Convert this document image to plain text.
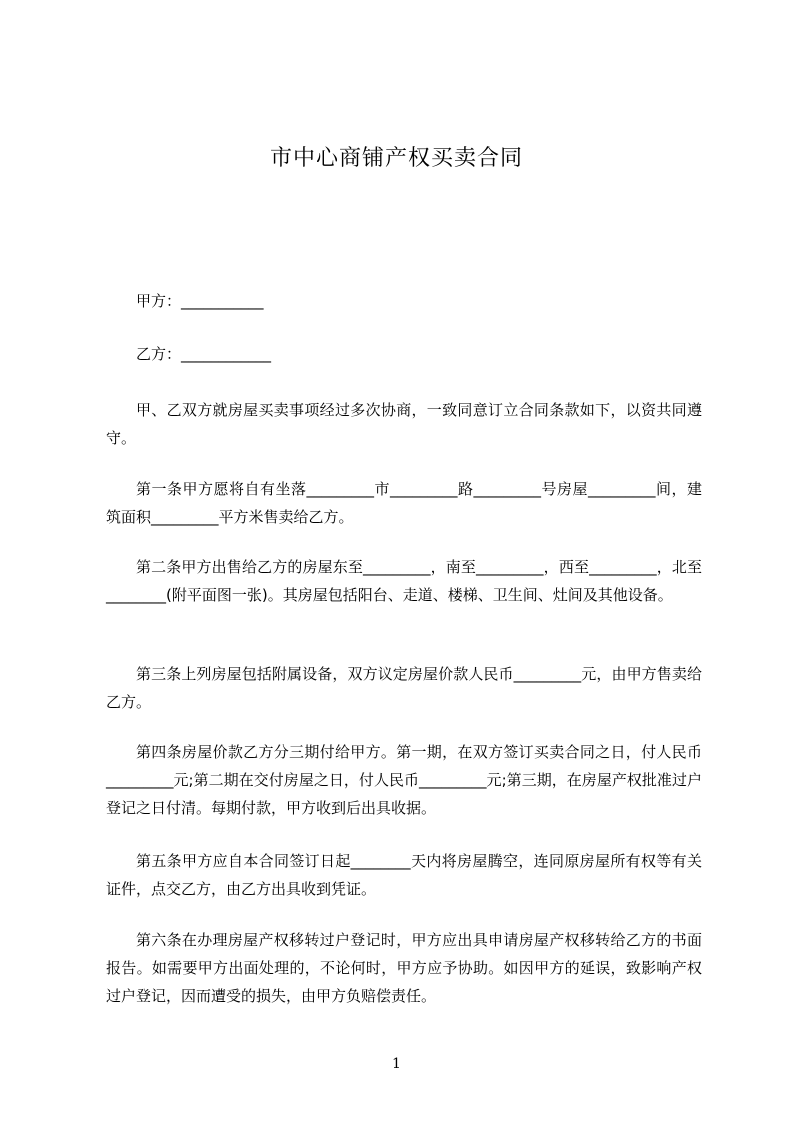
市中心商铺产权买卖合同
甲方：___________
乙方：____________

甲、乙双方就房屋买卖事项经过多次协商，一致同意订立合同条款如下，以资共同遵守。

第一条甲方愿将自有坐落_________市_________路_________号房屋_________间，建筑面积_________平方米售卖给乙方。

第二条甲方出售给乙方的房屋东至_________，南至_________，西至_________，北至________(附平面图一张)。其房屋包括阳台、走道、楼梯、卫生间、灶间及其他设备。

第三条上列房屋包括附属设备，双方议定房屋价款人民币_________元，由甲方售卖给乙方。

第四条房屋价款乙方分三期付给甲方。第一期，在双方签订买卖合同之日，付人民币_________元;第二期在交付房屋之日，付人民币_________元;第三期，在房屋产权批准过户登记之日付清。每期付款，甲方收到后出具收据。

第五条甲方应自本合同签订日起________天内将房屋腾空，连同原房屋所有权等有关证件，点交乙方，由乙方出具收到凭证。

第六条在办理房屋产权移转过户登记时，甲方应出具申请房屋产权移转给乙方的书面报告。如需要甲方出面处理的，不论何时，甲方应予协助。如因甲方的延误，致影响产权过户登记，因而遭受的损失，由甲方负赔偿责任。

1
